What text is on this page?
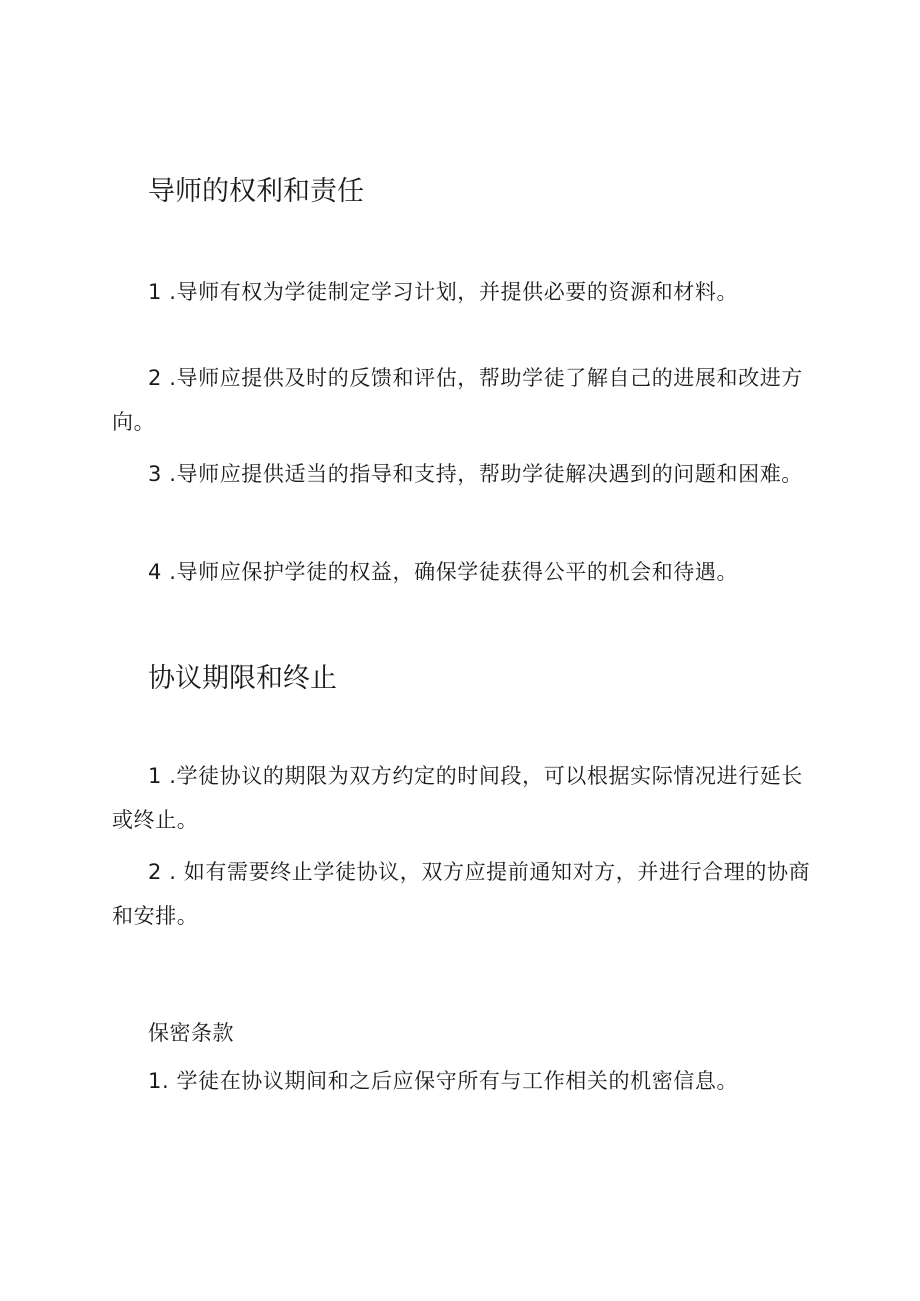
导师的权利和责任
1 .导师有权为学徒制定学习计划，并提供必要的资源和材料。
2 .导师应提供及时的反馈和评估，帮助学徒了解自己的进展和改进方向。
3 .导师应提供适当的指导和支持，帮助学徒解决遇到的问题和困难。
4 .导师应保护学徒的权益，确保学徒获得公平的机会和待遇。
协议期限和终止
1 .学徒协议的期限为双方约定的时间段，可以根据实际情况进行延长或终止。
2 . 如有需要终止学徒协议，双方应提前通知对方，并进行合理的协商和安排。
保密条款
1. 学徒在协议期间和之后应保守所有与工作相关的机密信息。
